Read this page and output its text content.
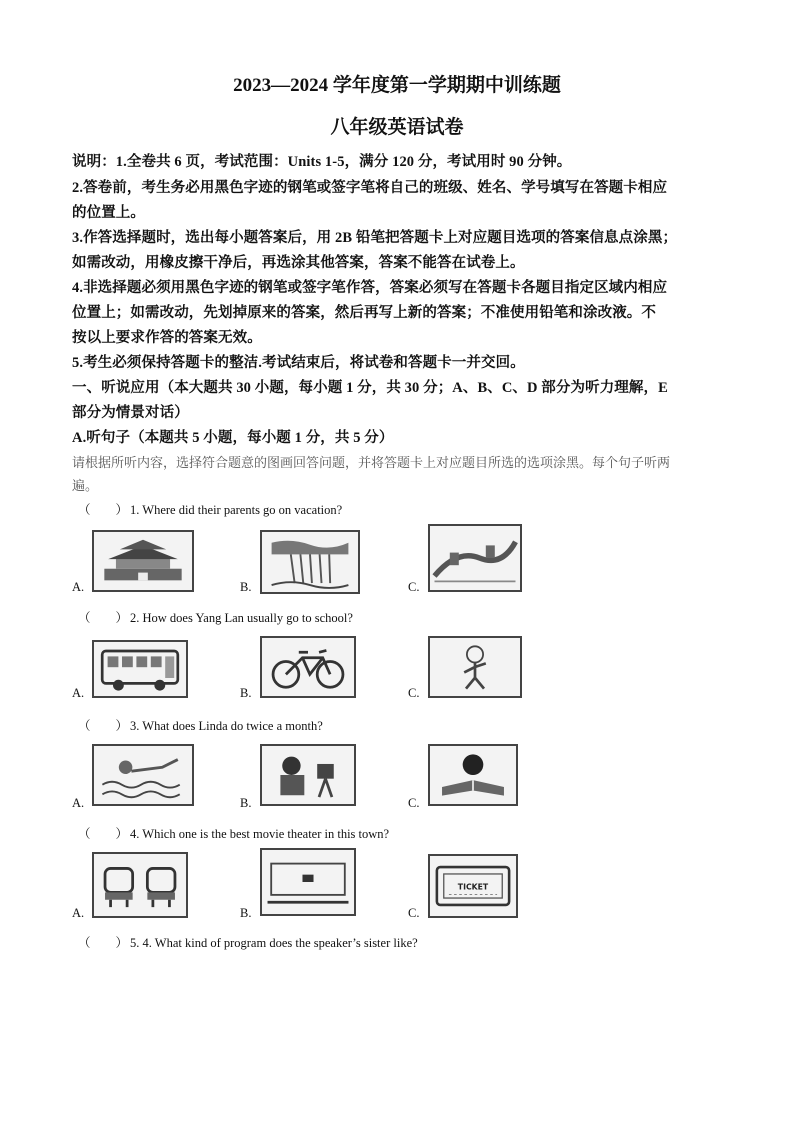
2023—2024 学年度第一学期期中训练题
八年级英语试卷
说明：1.全卷共 6 页，考试范围：Units 1-5，满分 120 分，考试用时 90 分钟。
2.答卷前，考生务必用黑色字迹的钢笔或签字笔将自己的班级、姓名、学号填写在答题卡相应
的位置上。
3.作答选择题时，选出每小题答案后，用 2B 铅笔把答题卡上对应题目选项的答案信息点涂黑；
如需改动，用橡皮擦干净后，再选涂其他答案，答案不能答在试卷上。
4.非选择题必须用黑色字迹的钢笔或签字笔作答，答案必须写在答题卡各题目指定区域内相应
位置上；如需改动，先划掉原来的答案，然后再写上新的答案；不准使用铅笔和涂改液。不
按以上要求作答的答案无效。
5.考生必须保持答题卡的整洁.考试结束后，将试卷和答题卡一并交回。
一、听说应用（本大题共 30 小题，每小题 1 分，共 30 分；A、B、C、D 部分为听力理解，E
部分为情景对话）
A.听句子（本题共 5 小题，每小题 1 分，共 5 分）
请根据所听内容，选择符合题意的图画回答问题，并将答题卡上对应题目所选的选项涂黑。每个句子听两
遍。
（　　） 1. Where did their parents go on vacation?
A.	B.	C.
（　　） 2. How does Yang Lan usually go to school?
A.	B.	C.
（　　） 3. What does Linda do twice a month?
A.	B.	C.
（　　） 4. Which one is the best movie theater in this town?
A.	B.	C.
TICKET
（　　） 5. 4. What kind of program does the speaker’s sister like?
